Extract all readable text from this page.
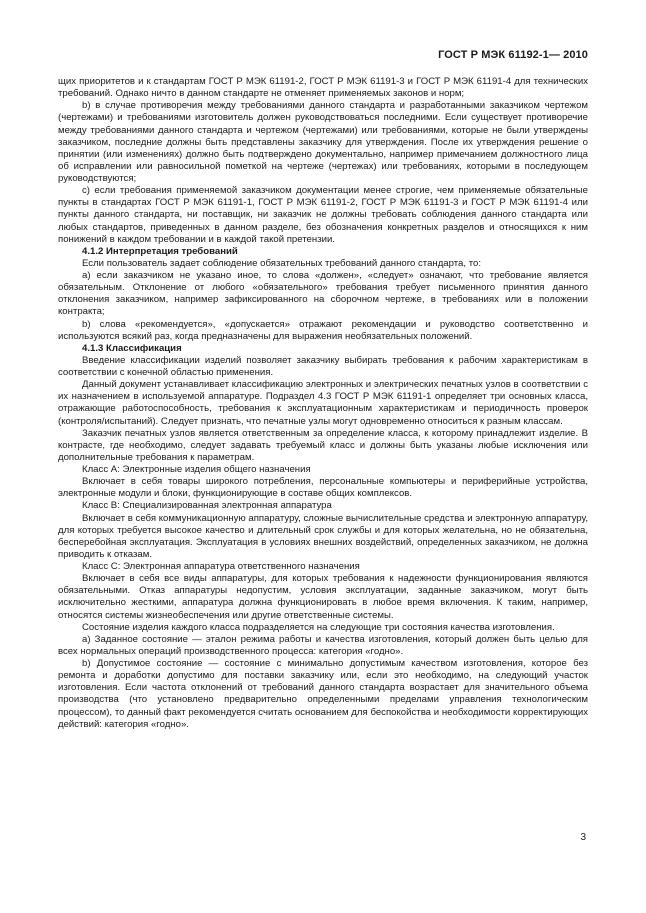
ГОСТ Р МЭК 61192-1— 2010

щих приоритетов и к стандартам ГОСТ Р МЭК 61191-2, ГОСТ Р МЭК 61191-3 и ГОСТ Р МЭК 61191-4 для технических требований. Однако ничто в данном стандарте не отменяет применяемых законов и норм;

b) в случае противоречия между требованиями данного стандарта и разработанными заказчиком чертежом (чертежами) и требованиями изготовитель должен руководствоваться последними. Если существует противоречие между требованиями данного стандарта и чертежом (чертежами) или требованиями, которые не были утверждены заказчиком, последние должны быть представлены заказчику для утверждения. После их утверждения решение о принятии (или изменениях) должно быть подтверждено документально, например примечанием должностного лица об исправлении или равносильной пометкой на чертеже (чертежах) или требованиях, которыми в последующем руководствуются;

c) если требования применяемой заказчиком документации менее строгие, чем применяемые обязательные пункты в стандартах ГОСТ Р МЭК 61191-1, ГОСТ Р МЭК 61191-2, ГОСТ Р МЭК 61191-3 и ГОСТ Р МЭК 61191-4 или пункты данного стандарта, ни поставщик, ни заказчик не должны требовать соблюдения данного стандарта или любых стандартов, приведенных в данном разделе, без обозначения конкретных разделов и относящихся к ним понижений в каждом требовании и в каждой такой претензии.

4.1.2 Интерпретация требований

Если пользователь задает соблюдение обязательных требований данного стандарта, то:

a) если заказчиком не указано иное, то слова «должен», «следует» означают, что требование является обязательным. Отклонение от любого «обязательного» требования требует письменного принятия данного отклонения заказчиком, например зафиксированного на сборочном чертеже, в требованиях или в положении контракта;

b) слова «рекомендуется», «допускается» отражают рекомендации и руководство соответственно и используются всякий раз, когда предназначены для выражения необязательных положений.

4.1.3 Классификация

Введение классификации изделий позволяет заказчику выбирать требования к рабочим характеристикам в соответствии с конечной областью применения.

Данный документ устанавливает классификацию электронных и электрических печатных узлов в соответствии с их назначением в используемой аппаратуре. Подраздел 4.3 ГОСТ Р МЭК 61191-1 определяет три основных класса, отражающие работоспособность, требования к эксплуатационным характеристикам и периодичность проверок (контроля/испытаний). Следует признать, что печатные узлы могут одновременно относиться к разным классам.

Заказчик печатных узлов является ответственным за определение класса, к которому принадлежит изделие. В контрасте, где необходимо, следует задавать требуемый класс и должны быть указаны любые исключения или дополнительные требования к параметрам.

Класс А: Электронные изделия общего назначения

Включает в себя товары широкого потребления, персональные компьютеры и периферийные устройства, электронные модули и блоки, функционирующие в составе общих комплексов.

Класс В: Специализированная электронная аппаратура

Включает в себя коммуникационную аппаратуру, сложные вычислительные средства и электронную аппаратуру, для которых требуется высокое качество и длительный срок службы и для которых желательна, но не обязательна, бесперебойная эксплуатация. Эксплуатация в условиях внешних воздействий, определенных заказчиком, не должна приводить к отказам.

Класс С: Электронная аппаратура ответственного назначения

Включает в себя все виды аппаратуры, для которых требования к надежности функционирования являются обязательными. Отказ аппаратуры недопустим, условия эксплуатации, заданные заказчиком, могут быть исключительно жесткими, аппаратура должна функционировать в любое время включения. К таким, например, относятся системы жизнеобеспечения или другие ответственные системы.

Состояние изделия каждого класса подразделяется на следующие три состояния качества изготовления.

a) Заданное состояние — эталон режима работы и качества изготовления, который должен быть целью для всех нормальных операций производственного процесса: категория «годно».

b) Допустимое состояние — состояние с минимально допустимым качеством изготовления, которое без ремонта и доработки допустимо для поставки заказчику или, если это необходимо, на следующий участок изготовления. Если частота отклонений от требований данного стандарта возрастает для значительного объема производства (что установлено предварительно определенными пределами управления технологическим процессом), то данный факт рекомендуется считать основанием для беспокойства и необходимости корректирующих действий: категория «годно».

3
